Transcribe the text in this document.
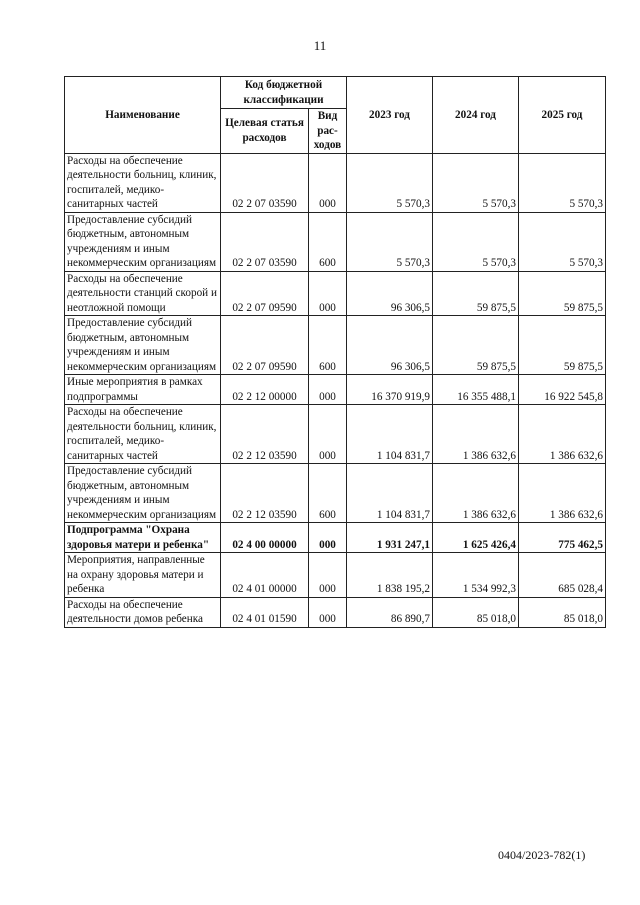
11
Наименование	Код бюджетной классификации		2023 год	2024 год	2025 год
	Целевая статья расходов	Вид рас-ходов			
Расходы на обеспечение деятельности больниц, клиник, госпиталей, медико-санитарных частей	02 2 07 03590	000	5 570,3	5 570,3	5 570,3
Предоставление субсидий бюджетным, автономным учреждениям и иным некоммерческим организациям	02 2 07 03590	600	5 570,3	5 570,3	5 570,3
Расходы на обеспечение деятельности станций скорой и неотложной помощи	02 2 07 09590	000	96 306,5	59 875,5	59 875,5
Предоставление субсидий бюджетным, автономным учреждениям и иным некоммерческим организациям	02 2 07 09590	600	96 306,5	59 875,5	59 875,5
Иные мероприятия в рамках подпрограммы	02 2 12 00000	000	16 370 919,9	16 355 488,1	16 922 545,8
Расходы на обеспечение деятельности больниц, клиник, госпиталей, медико-санитарных частей	02 2 12 03590	000	1 104 831,7	1 386 632,6	1 386 632,6
Предоставление субсидий бюджетным, автономным учреждениям и иным некоммерческим организациям	02 2 12 03590	600	1 104 831,7	1 386 632,6	1 386 632,6
Подпрограмма "Охрана здоровья матери и ребенка"	02 4 00 00000	000	1 931 247,1	1 625 426,4	775 462,5
Мероприятия, направленные на охрану здоровья матери и ребенка	02 4 01 00000	000	1 838 195,2	1 534 992,3	685 028,4
Расходы на обеспечение деятельности домов ребенка	02 4 01 01590	000	86 890,7	85 018,0	85 018,0
0404/2023-782(1)
